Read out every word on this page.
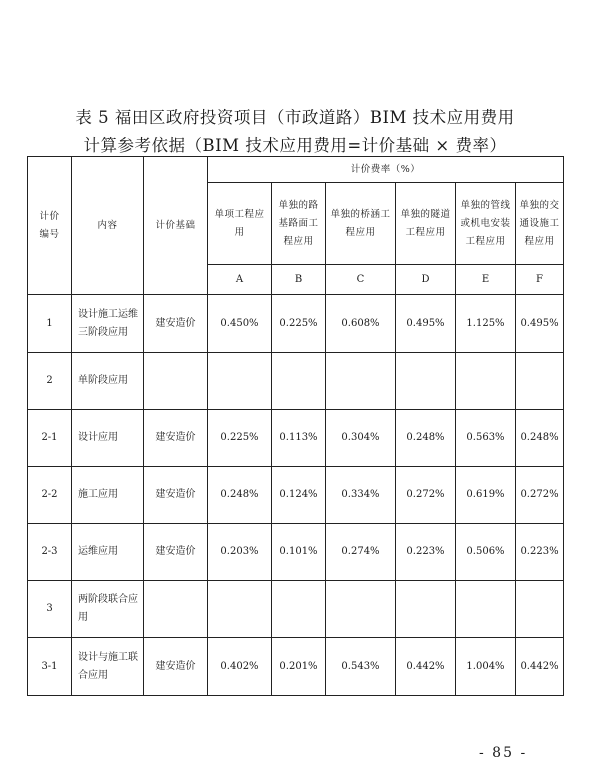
表 5 福田区政府投资项目（市政道路）BIM 技术应用费用
计算参考依据（BIM 技术应用费用=计价基础 × 费率）
计价编号	内容	计价基础	计价费率（%）					
			单项工程应用	单独的路基路面工程应用	单独的桥涵工程应用	单独的隧道工程应用	单独的管线或机电安装工程应用	单独的交通设施工程应用
			A	B	C	D	E	F
1	设计施工运维三阶段应用	建安造价	0.450%	0.225%	0.608%	0.495%	1.125%	0.495%
2	单阶段应用							
2-1	设计应用	建安造价	0.225%	0.113%	0.304%	0.248%	0.563%	0.248%
2-2	施工应用	建安造价	0.248%	0.124%	0.334%	0.272%	0.619%	0.272%
2-3	运维应用	建安造价	0.203%	0.101%	0.274%	0.223%	0.506%	0.223%
3	两阶段联合应用							
3-1	设计与施工联合应用	建安造价	0.402%	0.201%	0.543%	0.442%	1.004%	0.442%
- 85 -
